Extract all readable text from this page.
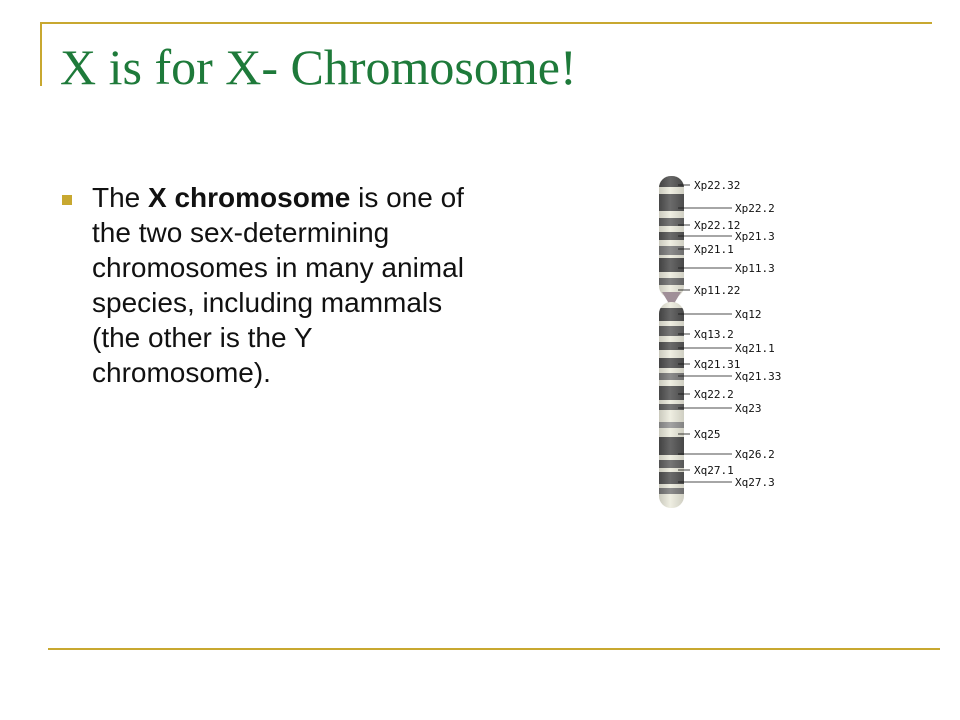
X is for X- Chromosome!

The X chromosome is one of the two sex-determining chromosomes in many animal species, including mammals (the other is the Y chromosome).

Xp22.32
Xp22.12
Xp21.1
Xp11.22
Xq13.2
Xq21.31
Xq22.2
Xq25
Xq27.1
Xp22.2
Xp21.3
Xp11.3
Xq12
Xq21.1
Xq21.33
Xq23
Xq26.2
Xq27.3
